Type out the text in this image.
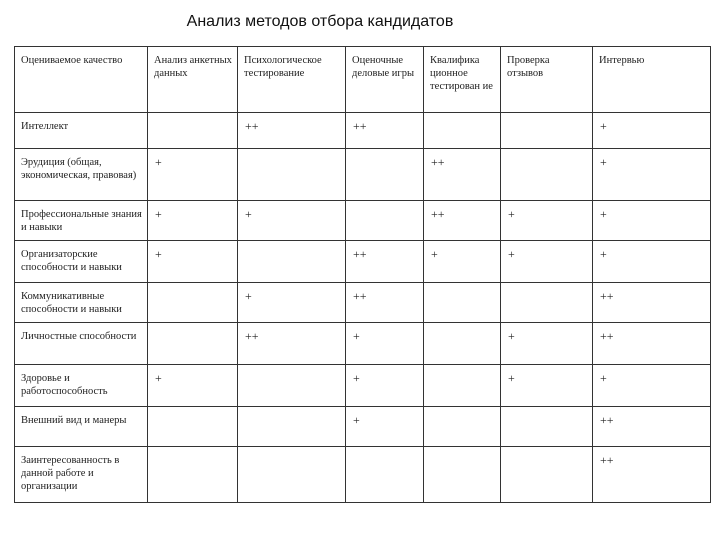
Анализ методов отбора кандидатов
Оцениваемое качество	Анализ анкетных данных	Психологическое тестирование	Оценочные деловые игры	Квалифика ционное тестирован ие	Проверка отзывов	Интервью
Интеллект		++	++			+
Эрудиция (общая, экономическая, правовая)	+			++		+
Профессиональные знания и навыки	+	+		++	+	+
Организаторские способности и навыки	+		++	+	+	+
Коммуникативные способности и навыки		+	++			++
Личностные способности		++	+		+	++
Здоровье и работоспособность	+		+		+	+
Внешний вид и манеры			+			++
Заинтересованность в данной работе и организации						++
